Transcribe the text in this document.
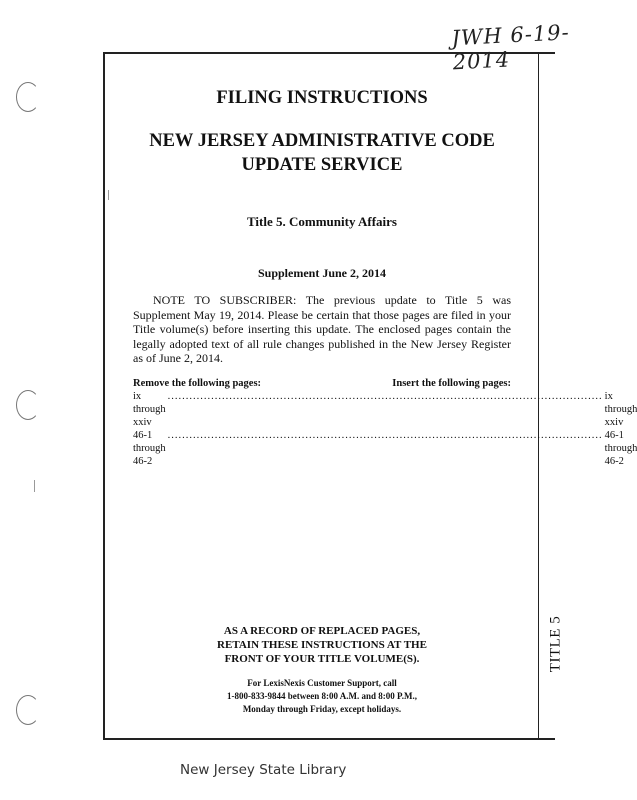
JWH 6-19-2014
TITLE 5
FILING INSTRUCTIONS
NEW JERSEY ADMINISTRATIVE CODE
UPDATE SERVICE
Title 5. Community Affairs
Supplement June 2, 2014

NOTE TO SUBSCRIBER: The previous update to Title 5 was Supplement May 19, 2014. Please be certain that those pages are filed in your Title volume(s) before inserting this update. The enclosed pages contain the legally adopted text of all rule changes published in the New Jersey Register as of June 2, 2014.

Remove the following pages:	Insert the following pages:
ix through xxiv
........................................................................................................................ ix through xxiv
46-1 through 46-2
........................................................................................................................ 46-1 through 46-2
AS A RECORD OF REPLACED PAGES,
RETAIN THESE INSTRUCTIONS AT THE
FRONT OF YOUR TITLE VOLUME(S).
For LexisNexis Customer Support, call
1-800-833-9844 between 8:00 A.M. and 8:00 P.M.,
Monday through Friday, except holidays.
New Jersey State Library
